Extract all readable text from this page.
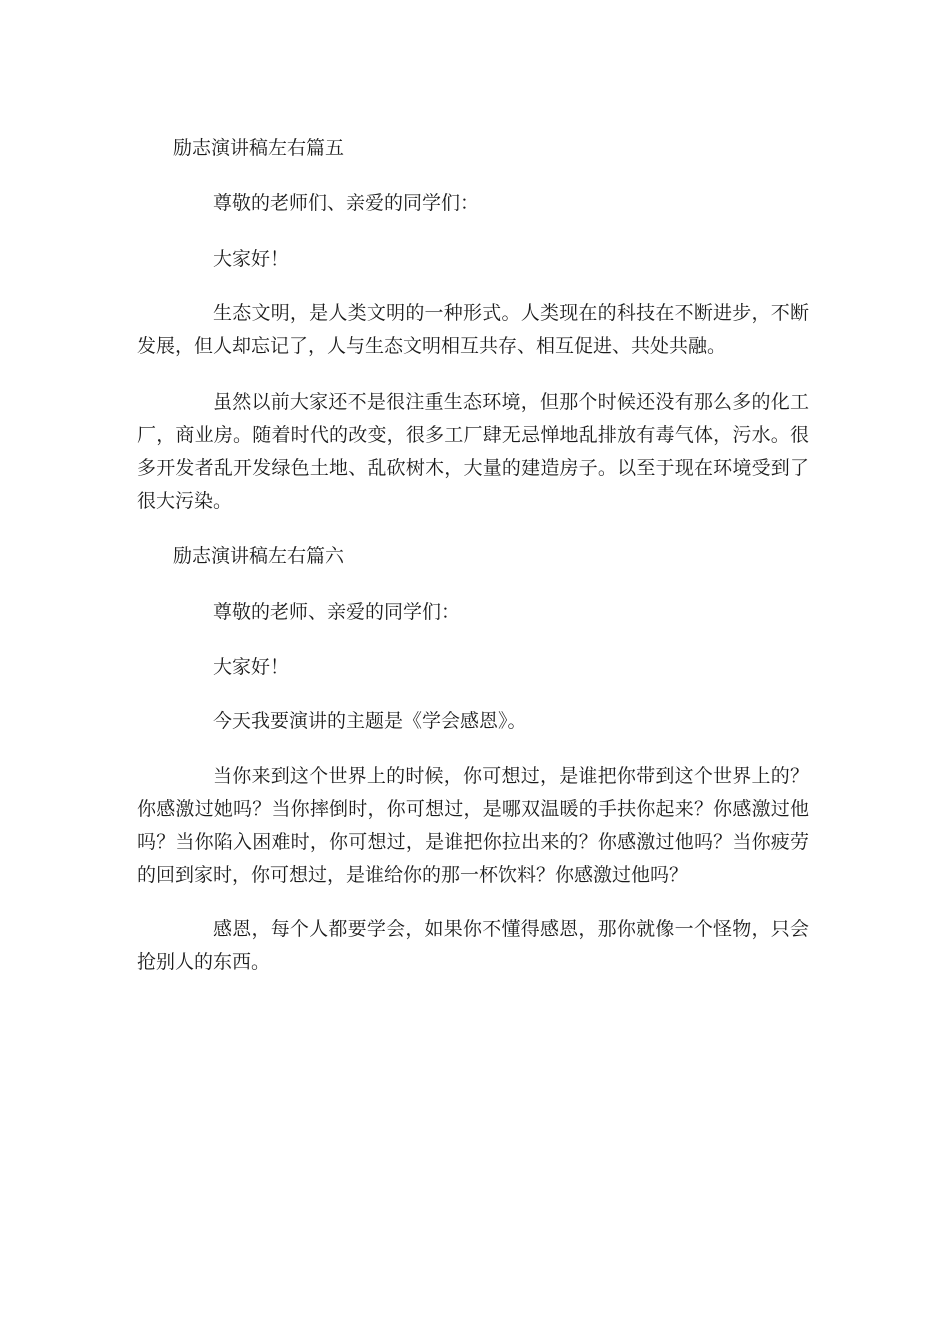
励志演讲稿左右篇五

尊敬的老师们、亲爱的同学们：

大家好！

生态文明，是人类文明的一种形式。人类现在的科技在不断进步，不断发展，但人却忘记了，人与生态文明相互共存、相互促进、共处共融。

虽然以前大家还不是很注重生态环境，但那个时候还没有那么多的化工厂，商业房。随着时代的改变，很多工厂肆无忌惮地乱排放有毒气体，污水。很多开发者乱开发绿色土地、乱砍树木，大量的建造房子。以至于现在环境受到了很大污染。

励志演讲稿左右篇六

尊敬的老师、亲爱的同学们：

大家好！

今天我要演讲的主题是《学会感恩》。

当你来到这个世界上的时候，你可想过，是谁把你带到这个世界上的？你感激过她吗？当你摔倒时，你可想过，是哪双温暖的手扶你起来？你感激过他吗？当你陷入困难时，你可想过，是谁把你拉出来的？你感激过他吗？当你疲劳的回到家时，你可想过，是谁给你的那一杯饮料？你感激过他吗？

感恩，每个人都要学会，如果你不懂得感恩，那你就像一个怪物，只会抢别人的东西。
